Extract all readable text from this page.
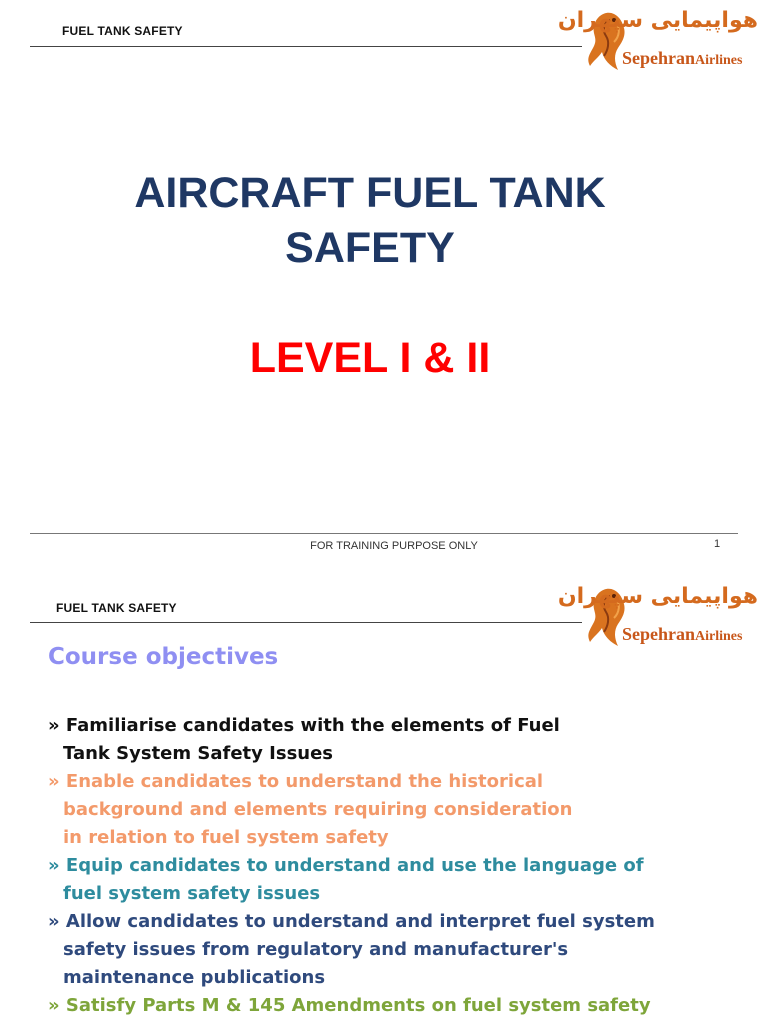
FUEL TANK SAFETY	هواپیمایی سپهران
SepehranAirlines
AIRCRAFT FUEL TANK
SAFETY
LEVEL I & II
FOR TRAINING PURPOSE ONLY	1
FUEL TANK SAFETY	هواپیمایی سپهران
SepehranAirlines
Course objectives
» Familiarise candidates with the elements of Fuel
Tank System Safety Issues
» Enable candidates to understand the historical
background and elements requiring consideration
in relation to fuel system safety
» Equip candidates to understand and use the language of
fuel system safety issues
» Allow candidates to understand and interpret fuel system
safety issues from regulatory and manufacturer's
maintenance publications
» Satisfy Parts M & 145 Amendments on fuel system safety
